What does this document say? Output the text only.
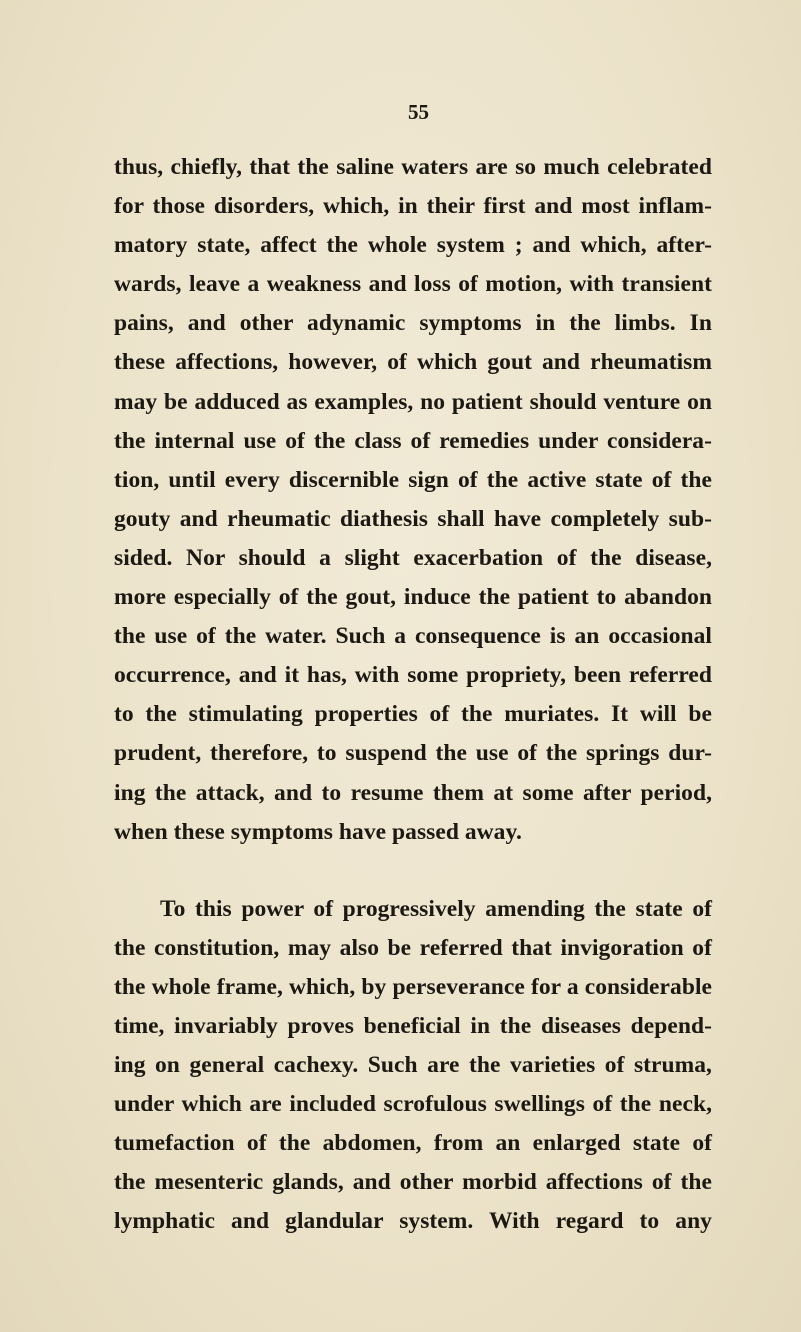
55
thus, chiefly, that the saline waters are so much celebrated
for those disorders, which, in their first and most inflam-
matory state, affect the whole system ; and which, after-
wards, leave a weakness and loss of motion, with transient
pains, and other adynamic symptoms in the limbs. In
these affections, however, of which gout and rheumatism
may be adduced as examples, no patient should venture on
the internal use of the class of remedies under considera-
tion, until every discernible sign of the active state of the
gouty and rheumatic diathesis shall have completely sub-
sided. Nor should a slight exacerbation of the disease,
more especially of the gout, induce the patient to abandon
the use of the water. Such a consequence is an occasional
occurrence, and it has, with some propriety, been referred
to the stimulating properties of the muriates. It will be
prudent, therefore, to suspend the use of the springs dur-
ing the attack, and to resume them at some after period,
when these symptoms have passed away.
To this power of progressively amending the state of
the constitution, may also be referred that invigoration of
the whole frame, which, by perseverance for a considerable
time, invariably proves beneficial in the diseases depend-
ing on general cachexy. Such are the varieties of struma,
under which are included scrofulous swellings of the neck,
tumefaction of the abdomen, from an enlarged state of
the mesenteric glands, and other morbid affections of the
lymphatic and glandular system. With regard to any
